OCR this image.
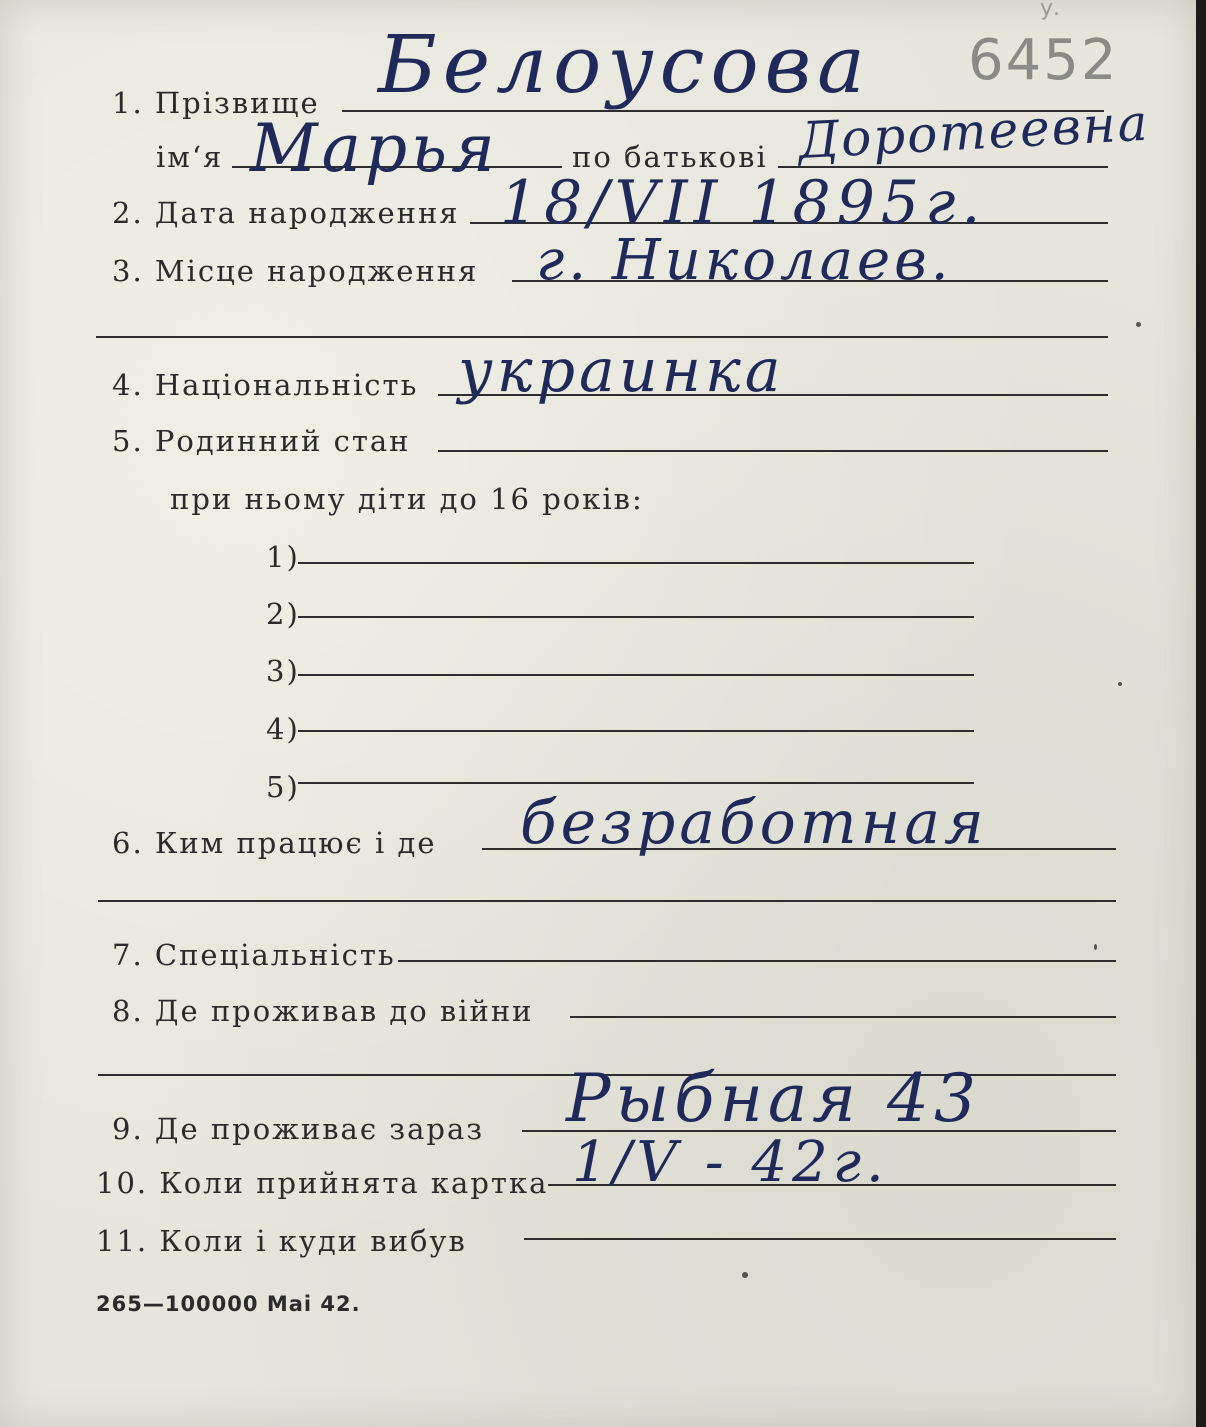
6452
у.
1. Прізвище Белоусова
ім‘я Марья	по батькові Доротеевна
2. Дата народження 18/VII 1895г.
3. Місце народження г. Николаев.
4. Національність украинка
5. Родинний стан
при ньому діти до 16 років:
1)
2)
3)
4)
5)
6. Ким працює і де безработная
7. Спеціальність
8. Де проживав до війни
9. Де проживає зараз Рыбная 43
10. Коли прийнята картка 1/V - 42г.
11. Коли і куди вибув
265—100000 Mai 42.
